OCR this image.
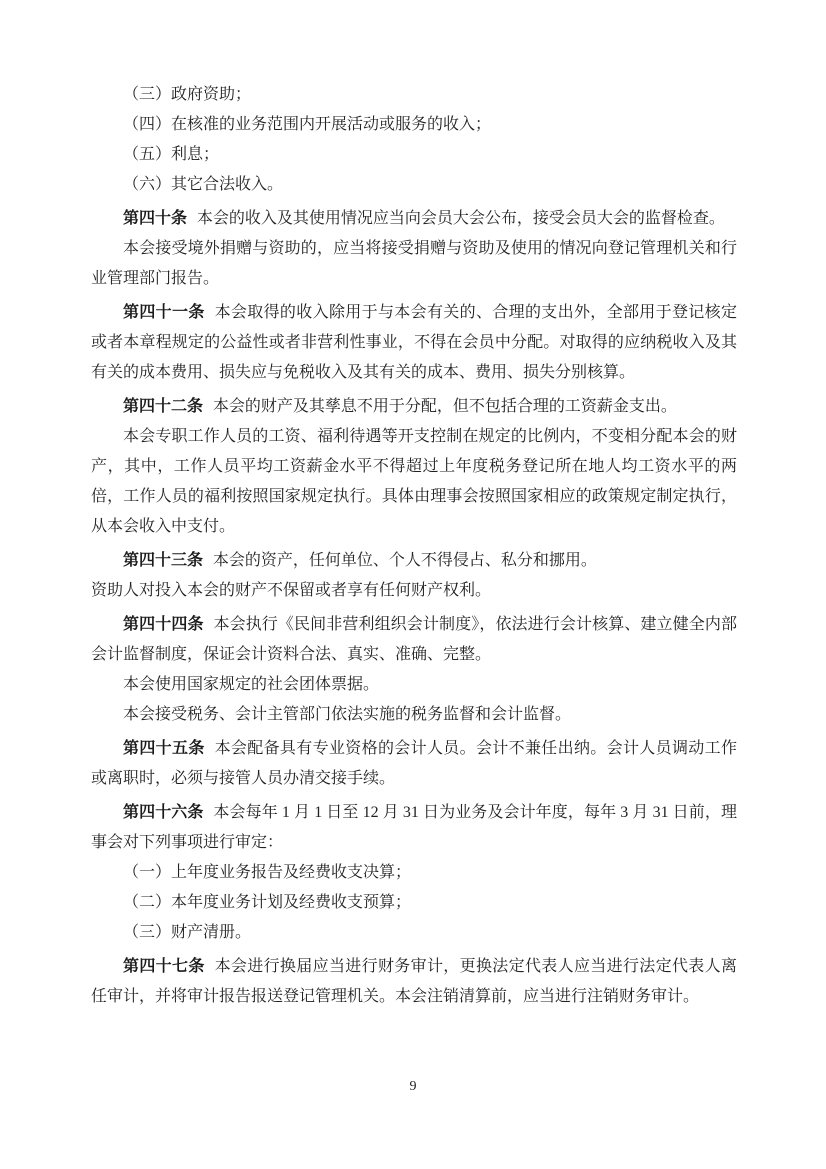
（三）政府资助；

（四）在核准的业务范围内开展活动或服务的收入；

（五）利息；

（六）其它合法收入。

第四十条 本会的收入及其使用情况应当向会员大会公布，接受会员大会的监督检查。

本会接受境外捐赠与资助的，应当将接受捐赠与资助及使用的情况向登记管理机关和行业管理部门报告。

第四十一条 本会取得的收入除用于与本会有关的、合理的支出外，全部用于登记核定或者本章程规定的公益性或者非营利性事业，不得在会员中分配。对取得的应纳税收入及其有关的成本费用、损失应与免税收入及其有关的成本、费用、损失分别核算。

第四十二条 本会的财产及其孳息不用于分配，但不包括合理的工资薪金支出。

本会专职工作人员的工资、福利待遇等开支控制在规定的比例内，不变相分配本会的财产，其中，工作人员平均工资薪金水平不得超过上年度税务登记所在地人均工资水平的两倍，工作人员的福利按照国家规定执行。具体由理事会按照国家相应的政策规定制定执行，从本会收入中支付。

第四十三条 本会的资产，任何单位、个人不得侵占、私分和挪用。

资助人对投入本会的财产不保留或者享有任何财产权利。

第四十四条 本会执行《民间非营利组织会计制度》，依法进行会计核算、建立健全内部会计监督制度，保证会计资料合法、真实、准确、完整。

本会使用国家规定的社会团体票据。

本会接受税务、会计主管部门依法实施的税务监督和会计监督。

第四十五条 本会配备具有专业资格的会计人员。会计不兼任出纳。会计人员调动工作或离职时，必须与接管人员办清交接手续。

第四十六条 本会每年 1 月 1 日至 12 月 31 日为业务及会计年度，每年 3 月 31 日前，理事会对下列事项进行审定：

（一）上年度业务报告及经费收支决算；

（二）本年度业务计划及经费收支预算；

（三）财产清册。

第四十七条 本会进行换届应当进行财务审计，更换法定代表人应当进行法定代表人离任审计，并将审计报告报送登记管理机关。本会注销清算前，应当进行注销财务审计。

9
